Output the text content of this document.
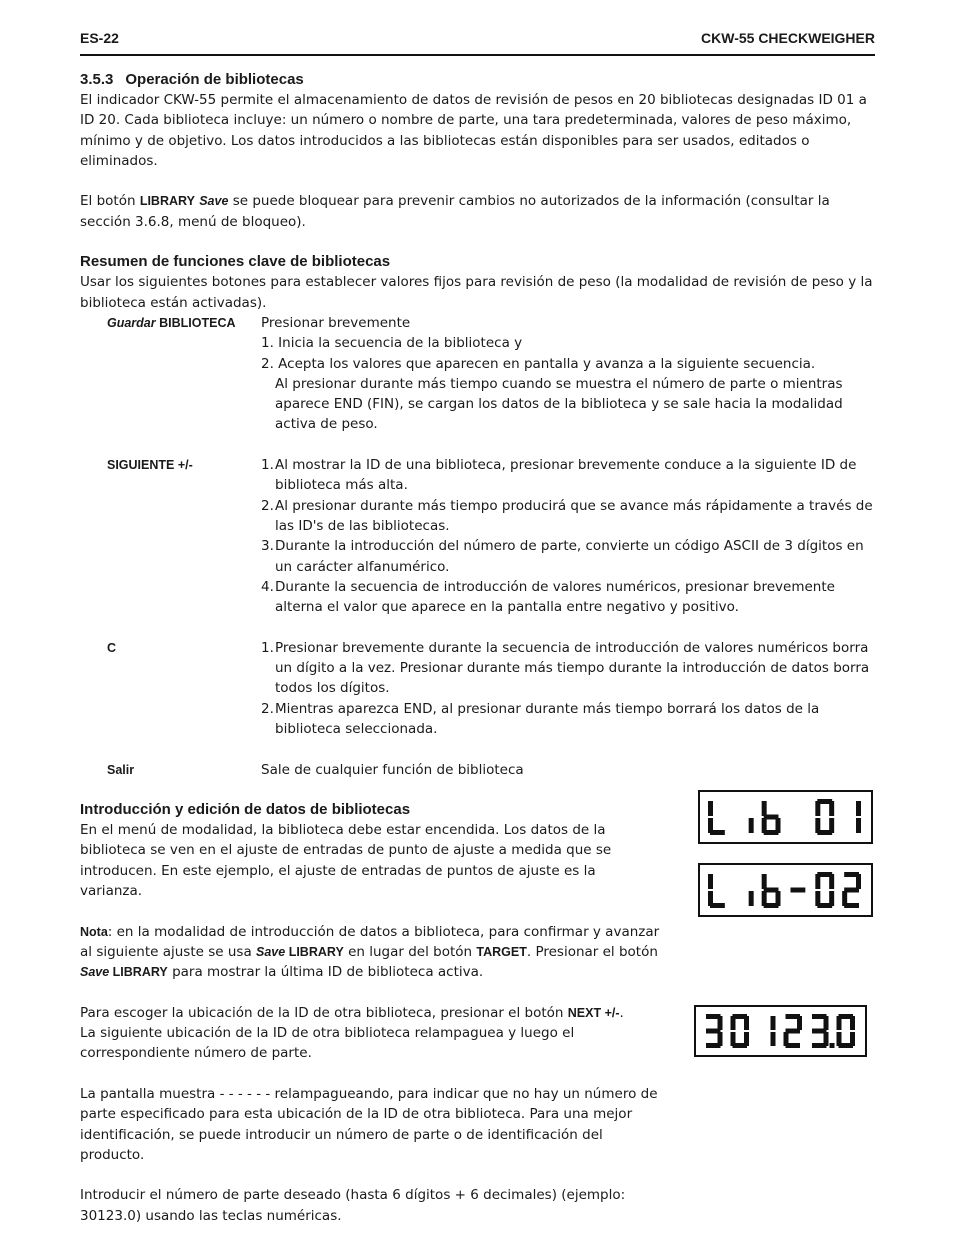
ES-22	CKW-55 CHECKWEIGHER
3.5.3 Operación de bibliotecas

El indicador CKW-55 permite el almacenamiento de datos de revisión de pesos en 20 bibliotecas designadas ID 01 a ID 20. Cada biblioteca incluye: un número o nombre de parte, una tara predeterminada, valores de peso máximo, mínimo y de objetivo. Los datos introducidos a las bibliotecas están disponibles para ser usados, editados o eliminados.

El botón LIBRARY Save se puede bloquear para prevenir cambios no autorizados de la información (consultar la sección 3.6.8, menú de bloqueo).

Resumen de funciones clave de bibliotecas

Usar los siguientes botones para establecer valores fijos para revisión de peso (la modalidad de revisión de peso y la biblioteca están activadas).

Guardar BIBLIOTECA	Presionar brevemente
1. Inicia la secuencia de la biblioteca y
2. Acepta los valores que aparecen en pantalla y avanza a la siguiente secuencia.
Al presionar durante más tiempo cuando se muestra el número de parte o mientras aparece END (FIN), se cargan los datos de la biblioteca y se sale hacia la modalidad activa de peso.
SIGUIENTE +/-	1. Al mostrar la ID de una biblioteca, presionar brevemente conduce a la siguiente ID de biblioteca más alta.
2. Al presionar durante más tiempo producirá que se avance más rápidamente a través de las ID's de las bibliotecas.
3. Durante la introducción del número de parte, convierte un código ASCII de 3 dígitos en un carácter alfanumérico.
4. Durante la secuencia de introducción de valores numéricos, presionar brevemente alterna el valor que aparece en la pantalla entre negativo y positivo.
C	1. Presionar brevemente durante la secuencia de introducción de valores numéricos borra un dígito a la vez. Presionar durante más tiempo durante la introducción de datos borra todos los dígitos.
2. Mientras aparezca END, al presionar durante más tiempo borrará los datos de la biblioteca seleccionada.
Salir	Sale de cualquier función de biblioteca
Introducción y edición de datos de bibliotecas

En el menú de modalidad, la biblioteca debe estar encendida. Los datos de la biblioteca se ven en el ajuste de entradas de punto de ajuste a medida que se introducen. En este ejemplo, el ajuste de entradas de puntos de ajuste es la varianza.

Nota: en la modalidad de introducción de datos a biblioteca, para confirmar y avanzar al siguiente ajuste se usa Save LIBRARY en lugar del botón TARGET. Presionar el botón Save LIBRARY para mostrar la última ID de biblioteca activa.

Para escoger la ubicación de la ID de otra biblioteca, presionar el botón NEXT +/-.

La siguiente ubicación de la ID de otra biblioteca relampaguea y luego el correspondiente número de parte.

La pantalla muestra - - - - - - relampagueando, para indicar que no hay un número de parte especificado para esta ubicación de la ID de otra biblioteca. Para una mejor identificación, se puede introducir un número de parte o de identificación del producto.

Introducir el número de parte deseado (hasta 6 dígitos + 6 decimales) (ejemplo: 30123.0) usando las teclas numéricas.
